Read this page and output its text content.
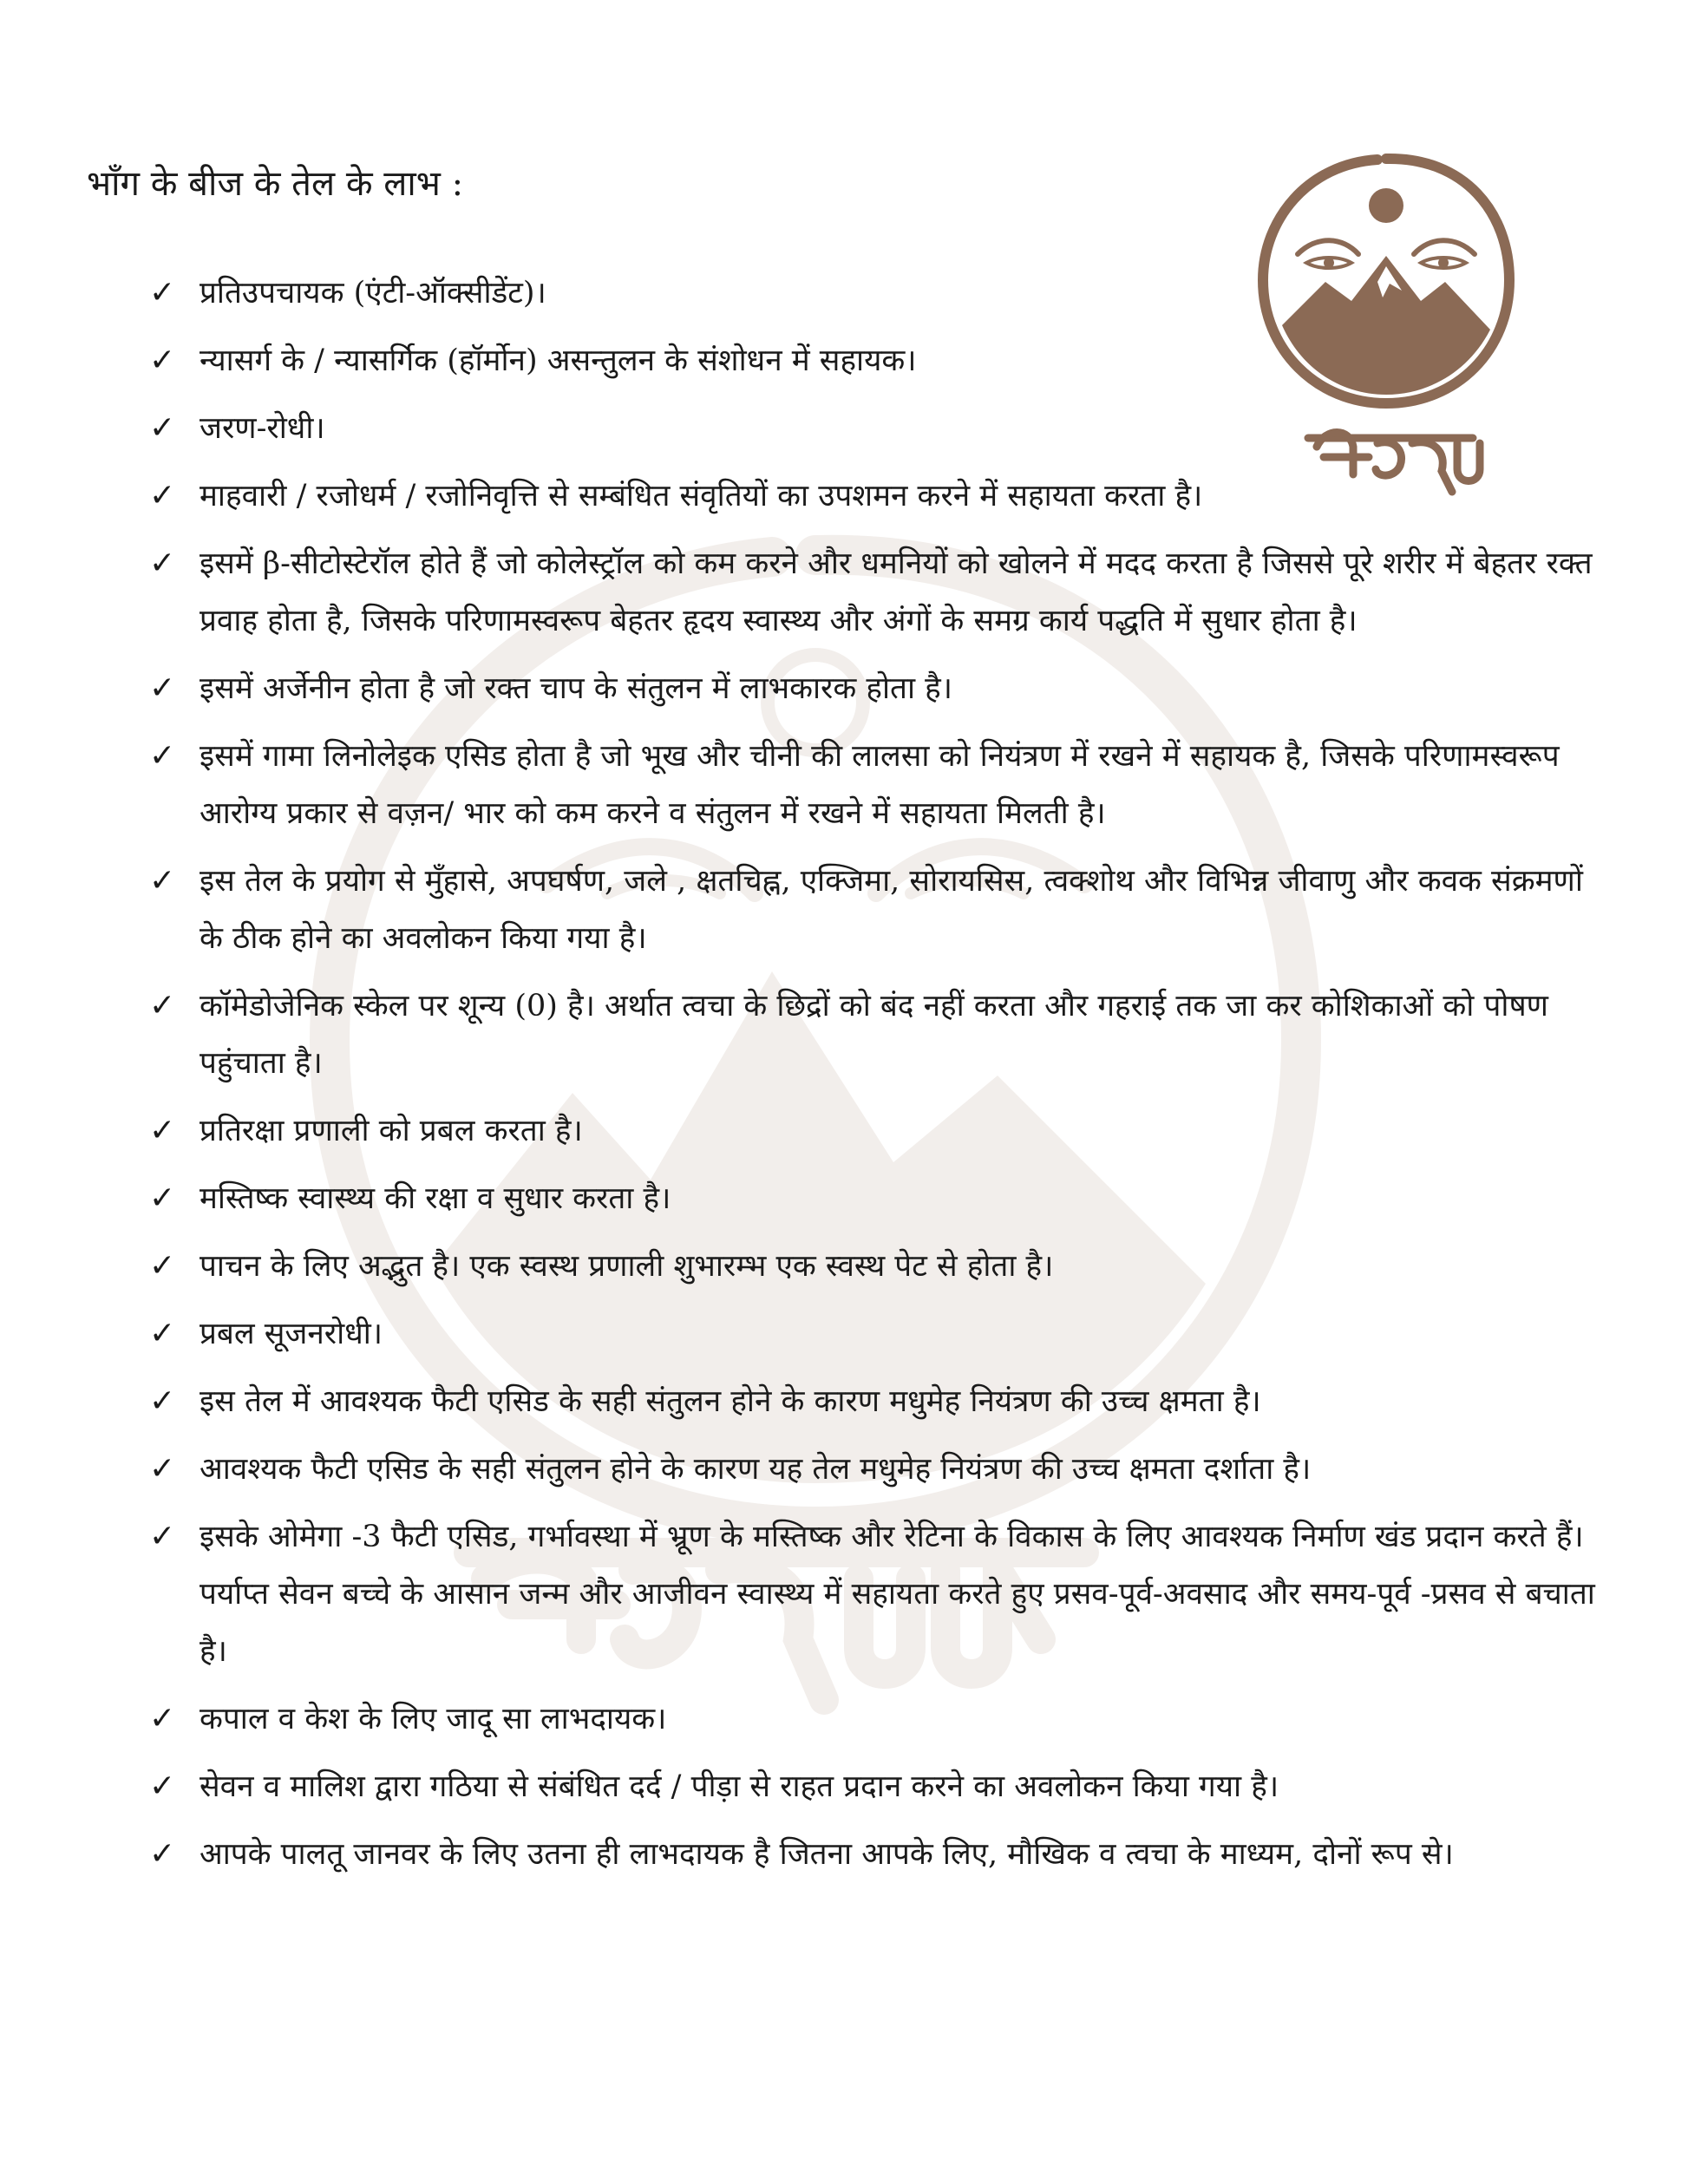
भाँग के बीज के तेल के लाभ :
✓ प्रतिउपचायक (एंटी-ऑक्सीडेंट)।
✓ न्यासर्ग के / न्यासर्गिक (हॉर्मोन) असन्तुलन के संशोधन में सहायक।
✓ जरण-रोधी।
✓ माहवारी / रजोधर्म / रजोनिवृत्ति से सम्बंधित संवृतियों का उपशमन करने में सहायता करता है।
✓ इसमें β-सीटोस्टेरॉल होते हैं जो कोलेस्ट्रॉल को कम करने और धमनियों को खोलने में मदद करता है जिससे पूरे शरीर में बेहतर रक्त प्रवाह होता है, जिसके परिणामस्वरूप बेहतर हृदय स्वास्थ्य और अंगों के समग्र कार्य पद्धति में सुधार होता है।
✓ इसमें अर्जेनीन होता है जो रक्त चाप के संतुलन में लाभकारक होता है।
✓ इसमें गामा लिनोलेइक एसिड होता है जो भूख और चीनी की लालसा को नियंत्रण में रखने में सहायक है, जिसके परिणामस्वरूप आरोग्य प्रकार से वज़न/ भार को कम करने व संतुलन में रखने में सहायता मिलती है।
✓ इस तेल के प्रयोग से मुँहासे, अपघर्षण, जले , क्षतचिह्न, एक्जिमा, सोरायसिस, त्वक्शोथ और विभिन्न जीवाणु और कवक संक्रमणों के ठीक होने का अवलोकन किया गया है।
✓ कॉमेडोजेनिक स्केल पर शून्य (0) है। अर्थात त्वचा के छिद्रों को बंद नहीं करता और गहराई तक जा कर कोशिकाओं को पोषण पहुंचाता है।
✓ प्रतिरक्षा प्रणाली को प्रबल करता है।
✓ मस्तिष्क स्वास्थ्य की रक्षा व सुधार करता है।
✓ पाचन के लिए अद्भुत है। एक स्वस्थ प्रणाली शुभारम्भ एक स्वस्थ पेट से होता है।
✓ प्रबल सूजनरोधी।
✓ इस तेल में आवश्यक फैटी एसिड के सही संतुलन होने के कारण मधुमेह नियंत्रण की उच्च क्षमता है।
✓ आवश्यक फैटी एसिड के सही संतुलन होने के कारण यह तेल मधुमेह नियंत्रण की उच्च क्षमता दर्शाता है।
✓ इसके ओमेगा -3 फैटी एसिड, गर्भावस्था में भ्रूण के मस्तिष्क और रेटिना के विकास के लिए आवश्यक निर्माण खंड प्रदान करते हैं। पर्याप्त सेवन बच्चे के आसान जन्म और आजीवन स्वास्थ्य में सहायता करते हुए प्रसव-पूर्व-अवसाद और समय-पूर्व -प्रसव से बचाता है।
✓ कपाल व केश के लिए जादू सा लाभदायक।
✓ सेवन व मालिश द्वारा गठिया से संबंधित दर्द / पीड़ा से राहत प्रदान करने का अवलोकन किया गया है।
✓ आपके पालतू जानवर के लिए उतना ही लाभदायक है जितना आपके लिए, मौखिक व त्वचा के माध्यम, दोनों रूप से।
